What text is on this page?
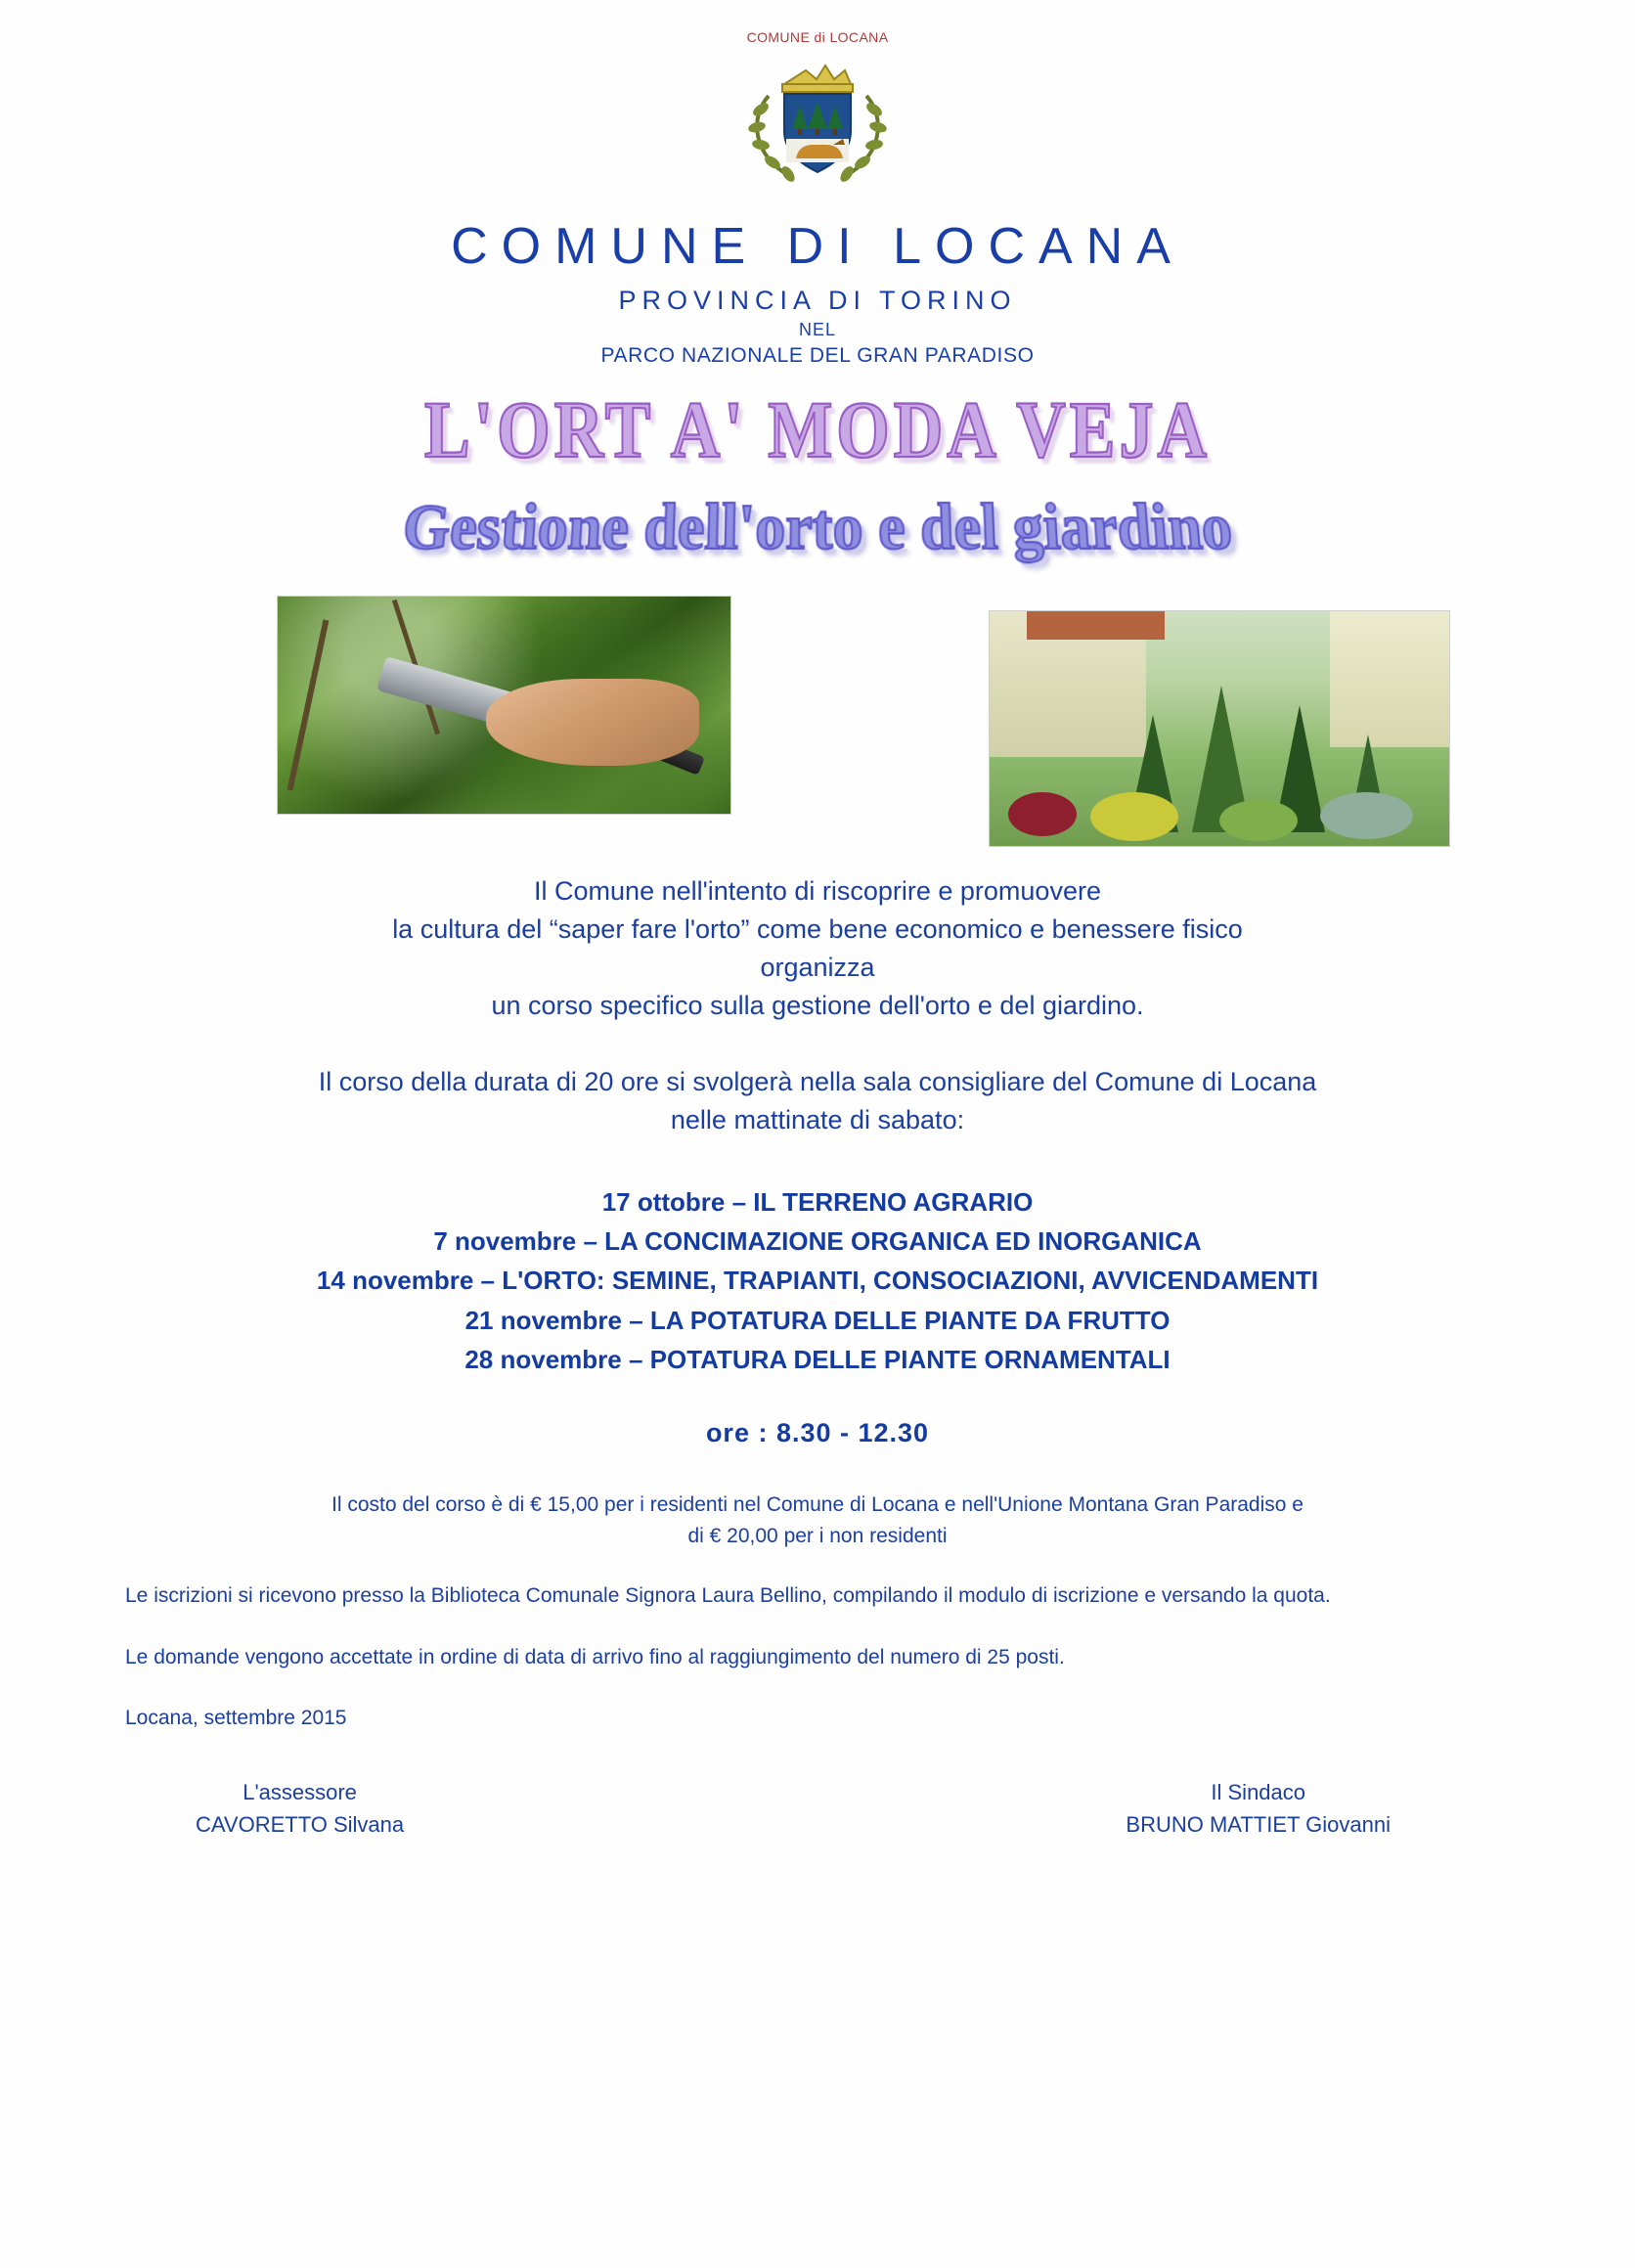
COMUNE di LOCANA
COMUNE DI LOCANA
PROVINCIA DI TORINO
NEL
PARCO NAZIONALE DEL GRAN PARADISO
L'ORT A' MODA VEJA
Gestione dell'orto e del giardino
Il Comune nell'intento di riscoprire e promuovere
la cultura del “saper fare l'orto” come bene economico e benessere fisico
organizza
un corso specifico sulla gestione dell'orto e del giardino.
Il corso della durata di 20 ore si svolgerà nella sala consigliare del Comune di Locana
nelle mattinate di sabato:
17 ottobre – IL TERRENO AGRARIO
7 novembre – LA CONCIMAZIONE ORGANICA ED INORGANICA
14 novembre – L'ORTO: SEMINE, TRAPIANTI, CONSOCIAZIONI, AVVICENDAMENTI
21 novembre – LA POTATURA DELLE PIANTE DA FRUTTO
28 novembre – POTATURA DELLE PIANTE ORNAMENTALI
ore : 8.30 - 12.30
Il costo del corso è di € 15,00 per i residenti nel Comune di Locana e nell'Unione Montana Gran Paradiso e
di € 20,00 per i non residenti
Le iscrizioni si ricevono presso la Biblioteca Comunale Signora Laura Bellino, compilando il modulo di iscrizione e versando la quota.
Le domande vengono accettate in ordine di data di arrivo fino al raggiungimento del numero di 25 posti.
Locana, settembre 2015
L'assessore
CAVORETTO Silvana
Il Sindaco
BRUNO MATTIET Giovanni
